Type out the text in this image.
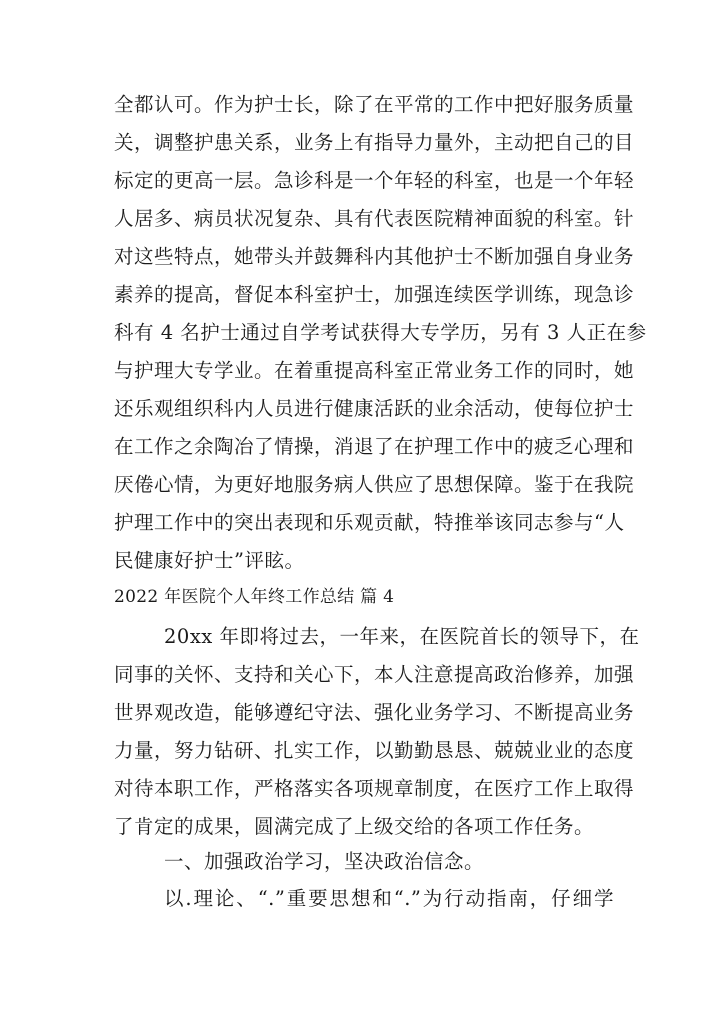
全都认可。作为护士长，除了在平常的工作中把好服务质量
关，调整护患关系，业务上有指导力量外，主动把自己的目
标定的更高一层。急诊科是一个年轻的科室，也是一个年轻
人居多、病员状况复杂、具有代表医院精神面貌的科室。针
对这些特点，她带头并鼓舞科内其他护士不断加强自身业务
素养的提高，督促本科室护士，加强连续医学训练，现急诊
科有 4 名护士通过自学考试获得大专学历，另有 3 人正在参
与护理大专学业。在着重提高科室正常业务工作的同时，她
还乐观组织科内人员进行健康活跃的业余活动，使每位护士
在工作之余陶冶了情操，消退了在护理工作中的疲乏心理和
厌倦心情，为更好地服务病人供应了思想保障。鉴于在我院
护理工作中的突出表现和乐观贡献，特推举该同志参与“人
民健康好护士”评眩。
2022 年医院个人年终工作总结 篇 4
20xx 年即将过去，一年来，在医院首长的领导下，在
同事的关怀、支持和关心下，本人注意提高政治修养，加强
世界观改造，能够遵纪守法、强化业务学习、不断提高业务
力量，努力钻研、扎实工作，以勤勤恳恳、兢兢业业的态度
对待本职工作，严格落实各项规章制度，在医疗工作上取得
了肯定的成果，圆满完成了上级交给的各项工作任务。
一、加强政治学习，坚决政治信念。
以.理论、“.”重要思想和“.”为行动指南，仔细学
